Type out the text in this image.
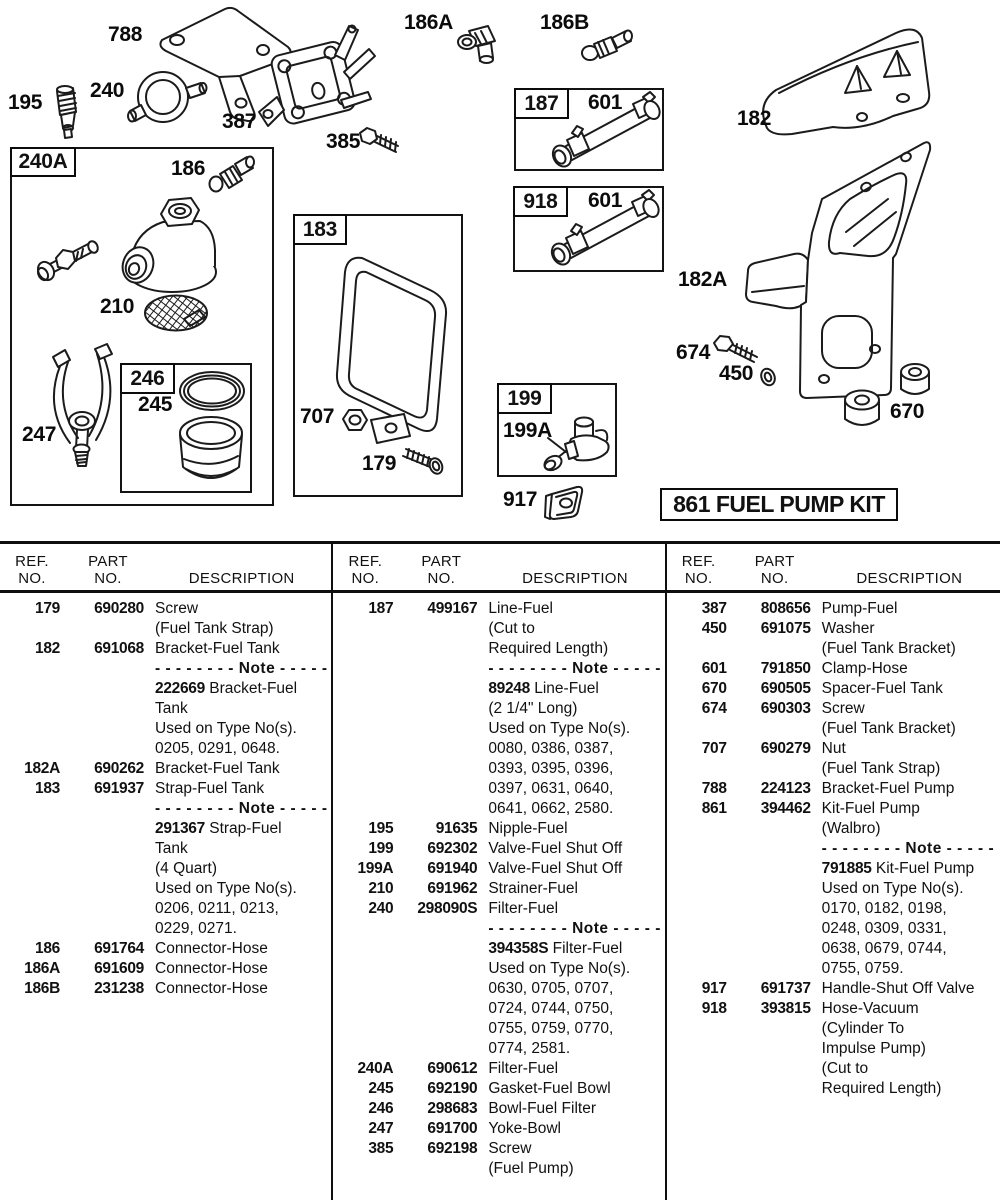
240A
183
187
918
199
246
788
195
240
387
385
186A	186B
601
601
182
182A
674
450
670
186
210
247
245
707
179
199A
917	861 FUEL PUMP KIT
REF.
NO.
PART
NO.	DESCRIPTION
179	690280 Screw
(Fuel Tank Strap)
182	691068 Bracket-Fuel Tank
- - - - - - - - Note - - - - -
222669 Bracket-Fuel
Tank
Used on Type No(s).
0205, 0291, 0648.
182A	690262 Bracket-Fuel Tank
183	691937 Strap-Fuel Tank
- - - - - - - - Note - - - - -
291367 Strap-Fuel
Tank
(4 Quart)
Used on Type No(s).
0206, 0211, 0213,
0229, 0271.
186	691764 Connector-Hose
186A	691609 Connector-Hose
186B	231238 Connector-Hose
REF.
NO.
PART
NO.	DESCRIPTION
187	499167 Line-Fuel
(Cut to
Required Length)
- - - - - - - - Note - - - - -
89248 Line-Fuel
(2 1/4" Long)
Used on Type No(s).
0080, 0386, 0387,
0393, 0395, 0396,
0397, 0631, 0640,
0641, 0662, 2580.
195	91635 Nipple-Fuel
199	692302 Valve-Fuel Shut Off
199A	691940 Valve-Fuel Shut Off
210	691962 Strainer-Fuel
240	298090S Filter-Fuel
- - - - - - - - Note - - - - -
394358S Filter-Fuel
Used on Type No(s).
0630, 0705, 0707,
0724, 0744, 0750,
0755, 0759, 0770,
0774, 2581.
240A	690612 Filter-Fuel
245	692190 Gasket-Fuel Bowl
246	298683 Bowl-Fuel Filter
247	691700 Yoke-Bowl
385	692198 Screw
(Fuel Pump)
REF.
NO.
PART
NO.	DESCRIPTION
387	808656 Pump-Fuel
450	691075 Washer
(Fuel Tank Bracket)
601	791850 Clamp-Hose
670	690505 Spacer-Fuel Tank
674	690303 Screw
(Fuel Tank Bracket)
707	690279 Nut
(Fuel Tank Strap)
788	224123 Bracket-Fuel Pump
861	394462 Kit-Fuel Pump
(Walbro)
- - - - - - - - Note - - - - -
791885 Kit-Fuel Pump
Used on Type No(s).
0170, 0182, 0198,
0248, 0309, 0331,
0638, 0679, 0744,
0755, 0759.
917	691737 Handle-Shut Off Valve
918	393815 Hose-Vacuum
(Cylinder To
Impulse Pump)
(Cut to
Required Length)
